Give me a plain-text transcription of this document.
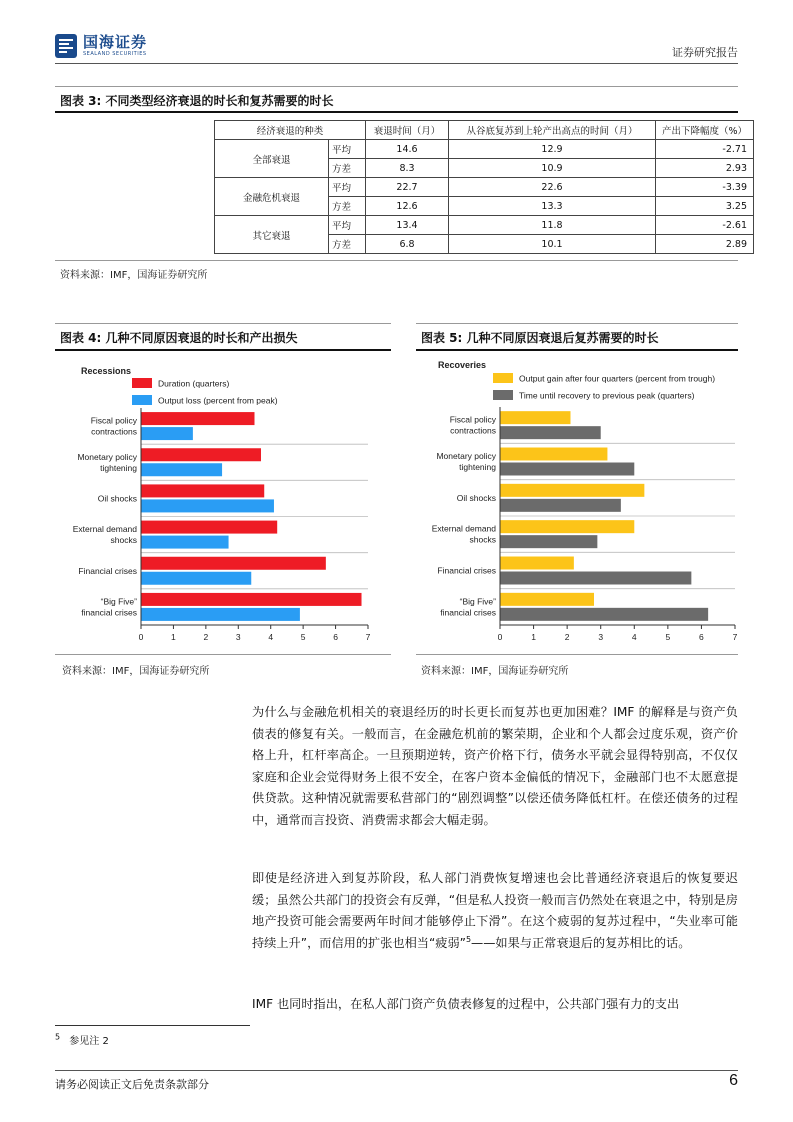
国海证券
SEALAND SECURITIES	证券研究报告
图表 3: 不同类型经济衰退的时长和复苏需要的时长
经济衰退的种类		衰退时间（月）	从谷底复苏到上轮产出高点的时间（月）	产出下降幅度（%）
全部衰退	平均	14.6	12.9	-2.71
	方差	8.3	10.9	2.93
金融危机衰退	平均	22.7	22.6	-3.39
	方差	12.6	13.3	3.25
其它衰退	平均	13.4	11.8	-2.61
	方差	6.8	10.1	2.89
资料来源：IMF，国海证券研究所
图表 4: 几种不同原因衰退的时长和产出损失	图表 5: 几种不同原因衰退后复苏需要的时长
Recessions
Duration (quarters)
Output loss (percent from peak)
Fiscal policy
contractions
Monetary policy
tightening
Oil shocks
External demand
shocks
Financial crises
“Big Five”
financial crises
0	1	2	3	4	5	6	7
Recoveries
Output gain after four quarters (percent from trough)
Time until recovery to previous peak (quarters)
Fiscal policy
contractions
Monetary policy
tightening
Oil shocks
External demand
shocks
Financial crises
“Big Five”
financial crises
0	1	2	3	4	5	6	7
资料来源：IMF，国海证券研究所	资料来源：IMF，国海证券研究所

为什么与金融危机相关的衰退经历的时长更长而复苏也更加困难？IMF 的解释是与资产负债表的修复有关。一般而言，在金融危机前的繁荣期，企业和个人都会过度乐观，资产价格上升，杠杆率高企。一旦预期逆转，资产价格下行，债务水平就会显得特别高，不仅仅家庭和企业会觉得财务上很不安全，在客户资本金偏低的情况下，金融部门也不太愿意提供贷款。这种情况就需要私营部门的“剧烈调整”以偿还债务降低杠杆。在偿还债务的过程中，通常而言投资、消费需求都会大幅走弱。

即使是经济进入到复苏阶段，私人部门消费恢复增速也会比普通经济衰退后的恢复要迟缓；虽然公共部门的投资会有反弹，“但是私人投资一般而言仍然处在衰退之中，特别是房地产投资可能会需要两年时间才能够停止下滑”。在这个疲弱的复苏过程中，“失业率可能持续上升”，而信用的扩张也相当“疲弱”$^5$——如果与正常衰退后的复苏相比的话。

IMF 也同时指出，在私人部门资产负债表修复的过程中，公共部门强有力的支出

$^5$ 参见注 2
请务必阅读正文后免责条款部分	6
